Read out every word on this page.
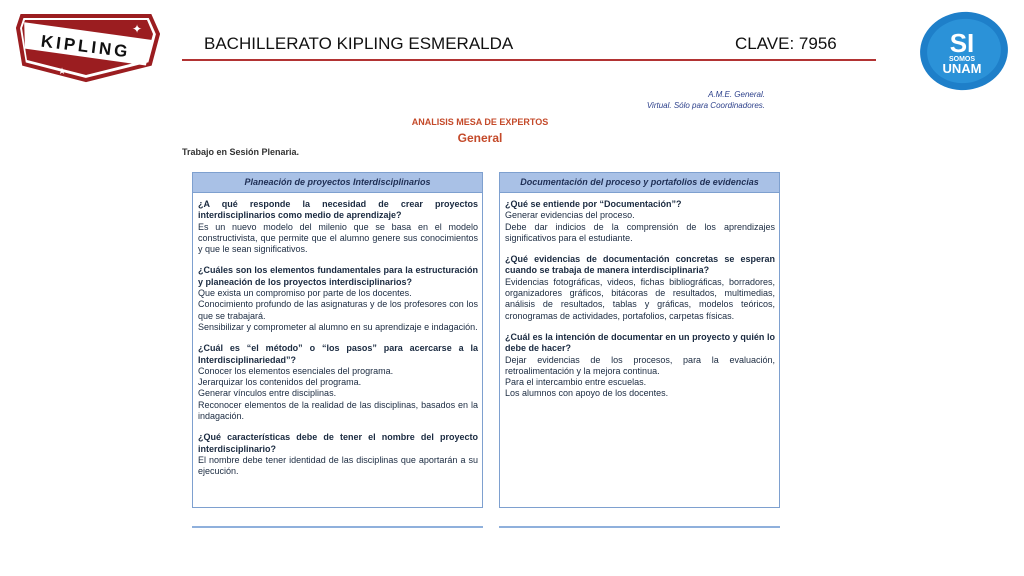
KIPLING
✦
★
BACHILLERATO KIPLING ESMERALDA	CLAVE: 7956	SI
SOMOS
UNAM
A.M.E. General.
Virtual. Sólo para Coordinadores.
ANALISIS MESA DE EXPERTOS
General
Trabajo en Sesión Plenaria.
Planeación de proyectos Interdisciplinarios
¿A qué responde la necesidad de crear proyectos interdisciplinarios como medio de aprendizaje?
Es un nuevo modelo del milenio que se basa en el modelo constructivista, que permite que el alumno genere sus conocimientos y que le sean significativos.
¿Cuáles son los elementos fundamentales para la estructuración y planeación de los proyectos interdisciplinarios?
Que exista un compromiso por parte de los docentes.
Conocimiento profundo de las asignaturas y de los profesores con los que se trabajará.
Sensibilizar y comprometer al alumno en su aprendizaje e indagación.
¿Cuál es “el método” o “los pasos” para acercarse a la Interdisciplinariedad”?
Conocer los elementos esenciales del programa.
Jerarquizar los contenidos del programa.
Generar vínculos entre disciplinas.
Reconocer elementos de la realidad de las disciplinas, basados en la indagación.
¿Qué características debe de tener el nombre del proyecto interdisciplinario?
El nombre debe tener identidad de las disciplinas que aportarán a su ejecución.
Documentación del proceso y portafolios de evidencias
¿Qué se entiende por “Documentación”?
Generar evidencias del proceso.
Debe dar indicios de la comprensión de los aprendizajes significativos para el estudiante.
¿Qué evidencias de documentación concretas se esperan cuando se trabaja de manera interdisciplinaria?
Evidencias fotográficas, videos, fichas bibliográficas, borradores, organizadores gráficos, bitácoras de resultados, multimedias, análisis de resultados, tablas y gráficas, modelos teóricos, cronogramas de actividades, portafolios, carpetas físicas.
¿Cuál es la intención de documentar en un proyecto y quién lo debe de hacer?
Dejar evidencias de los procesos, para la evaluación, retroalimentación y la mejora continua.
Para el intercambio entre escuelas.
Los alumnos con apoyo de los docentes.
